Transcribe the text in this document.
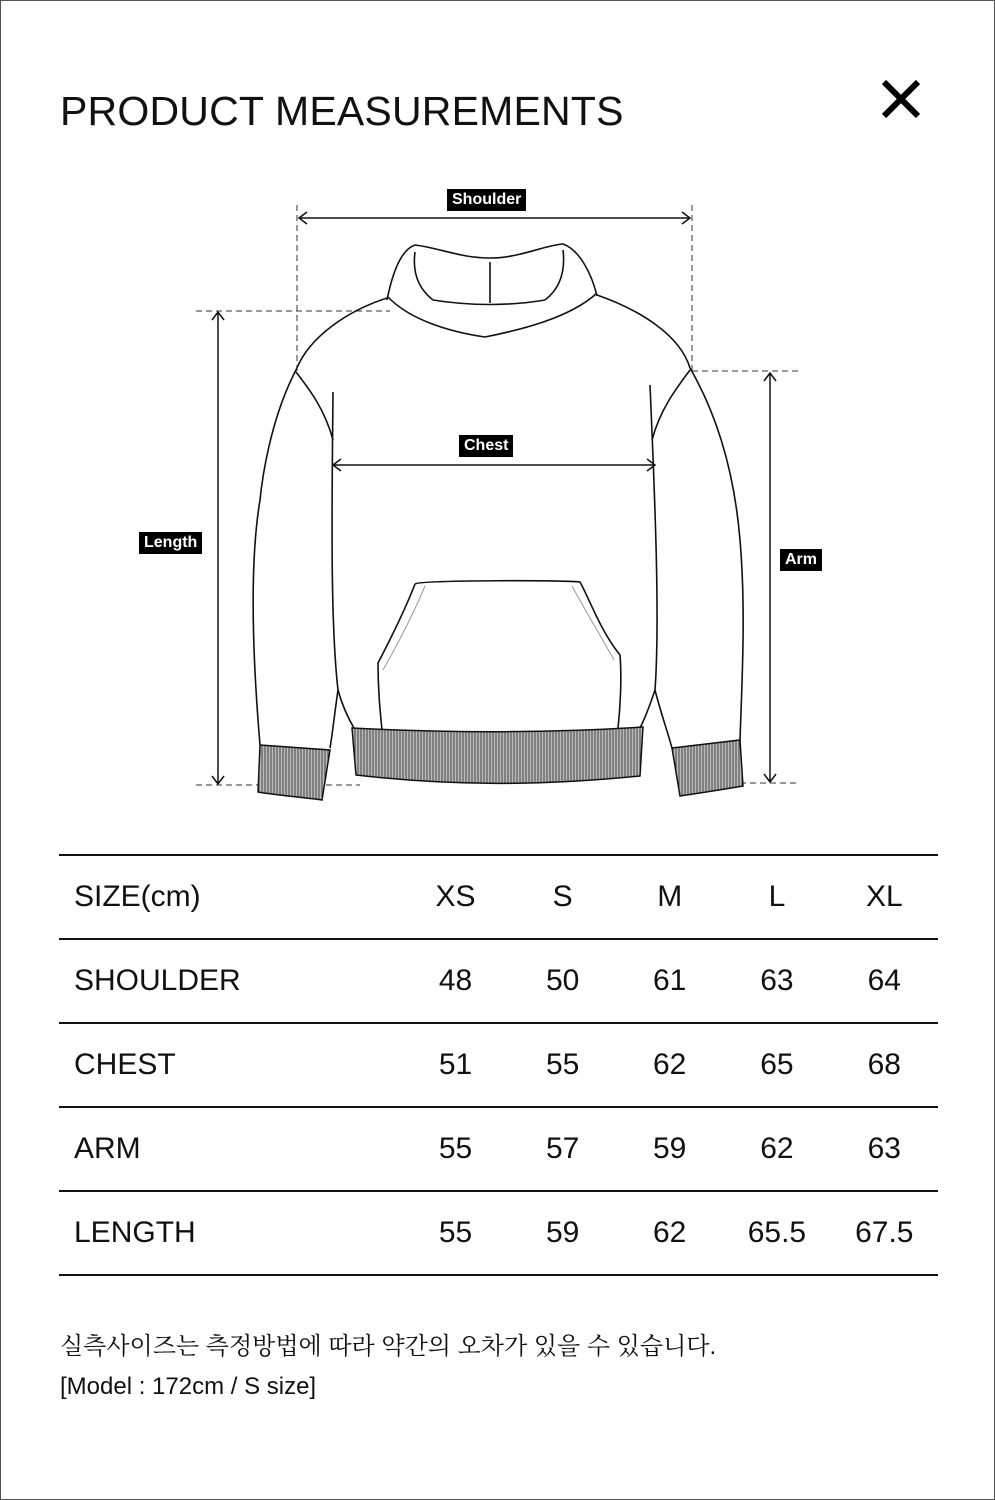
PRODUCT MEASUREMENTS
Shoulder
Chest
Length
Arm
SIZE(cm)	XS	S	M	L	XL
SHOULDER	48	50	61	63	64
CHEST	51	55	62	65	68
ARM	55	57	59	62	63
LENGTH	55	59	62	65.5	67.5
실측사이즈는 측정방법에 따라 약간의 오차가 있을 수 있습니다.
[Model : 172cm / S size]
